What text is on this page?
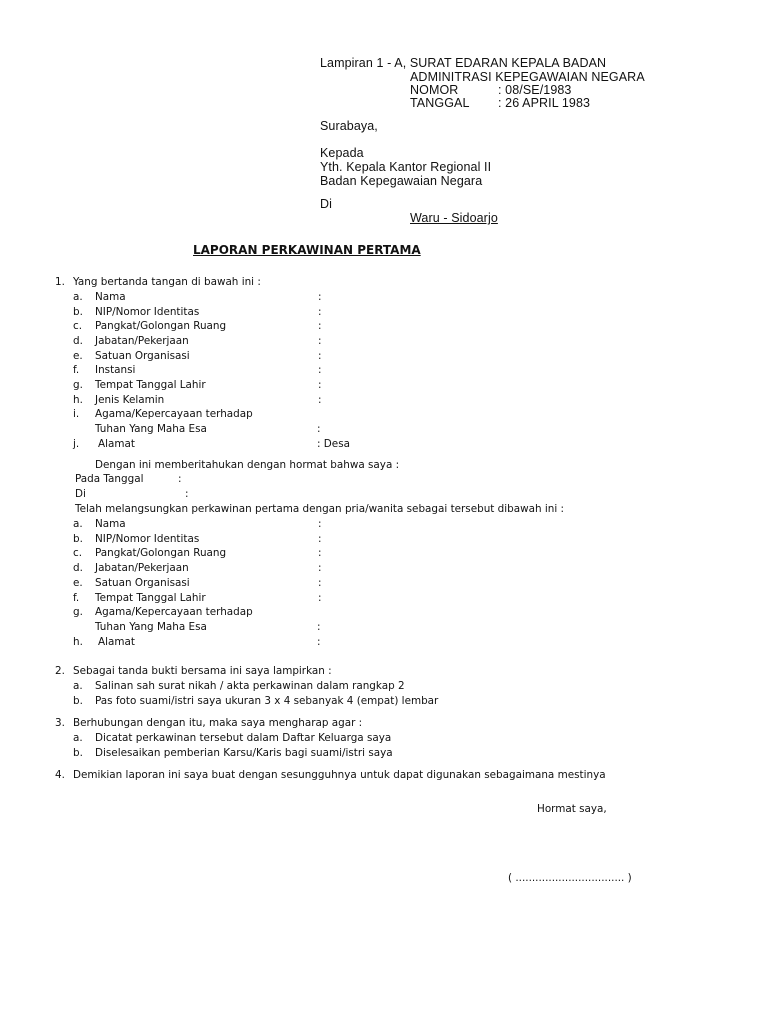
Lampiran 1 - A, SURAT EDARAN KEPALA BADAN
ADMINITRASI KEPEGAWAIAN NEGARA
NOMOR	: 08/SE/1983
TANGGAL : 26 APRIL 1983
Surabaya,
Kepada
Yth. Kepala Kantor Regional II
Badan Kepegawaian Negara
Di
Waru - Sidoarjo
LAPORAN PERKAWINAN PERTAMA
1. Yang bertanda tangan di bawah ini :
a. Nama	:
b. NIP/Nomor Identitas	:
c. Pangkat/Golongan Ruang	:
d. Jabatan/Pekerjaan	:
e. Satuan Organisasi	:
f. Instansi	:
g. Tempat Tanggal Lahir	:
h. Jenis Kelamin	:
i. Agama/Kepercayaan terhadap
Tuhan Yang Maha Esa	:
j. Alamat	: Desa
Dengan ini memberitahukan dengan hormat bahwa saya :
Pada Tanggal	:
Di	:
Telah melangsungkan perkawinan pertama dengan pria/wanita sebagai tersebut dibawah ini :
a. Nama	:
b. NIP/Nomor Identitas	:
c. Pangkat/Golongan Ruang	:
d. Jabatan/Pekerjaan	:
e. Satuan Organisasi	:
f. Tempat Tanggal Lahir	:
g. Agama/Kepercayaan terhadap
Tuhan Yang Maha Esa	:
h. Alamat	:
2. Sebagai tanda bukti bersama ini saya lampirkan :
a. Salinan sah surat nikah / akta perkawinan dalam rangkap 2
b. Pas foto suami/istri saya ukuran 3 x 4 sebanyak 4 (empat) lembar
3. Berhubungan dengan itu, maka saya mengharap agar :
a. Dicatat perkawinan tersebut dalam Daftar Keluarga saya
b. Diselesaikan pemberian Karsu/Karis bagi suami/istri saya
4. Demikian laporan ini saya buat dengan sesungguhnya untuk dapat digunakan sebagaimana mestinya
Hormat saya,
( ................................. )
